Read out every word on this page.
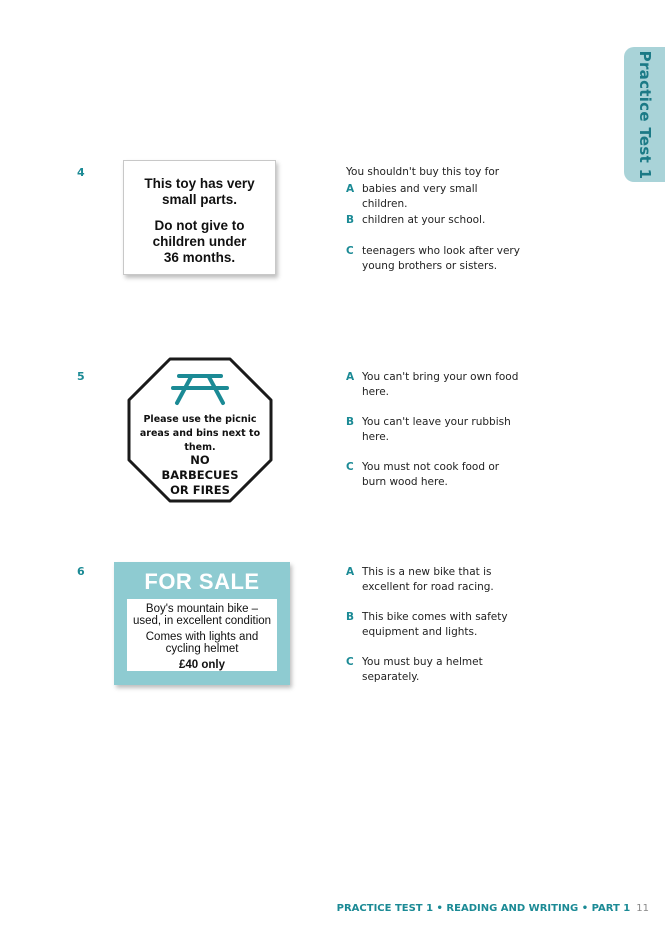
Practice Test 1
4
This toy has very small parts.
Do not give to children under 36 months.
You shouldn't buy this toy for
A babies and very small children.
B children at your school.
C teenagers who look after very young brothers or sisters.
5
Please use the picnic areas and bins next to them.
NO BARBECUES OR FIRES
A You can't bring your own food here.
B You can't leave your rubbish here.
C You must not cook food or burn wood here.
6	FOR SALE
Boy's mountain bike – used, in excellent condition
Comes with lights and cycling helmet
£40 only
A This is a new bike that is excellent for road racing.
B This bike comes with safety equipment and lights.
C You must buy a helmet separately.
PRACTICE TEST 1 • READING AND WRITING • PART 1 11
